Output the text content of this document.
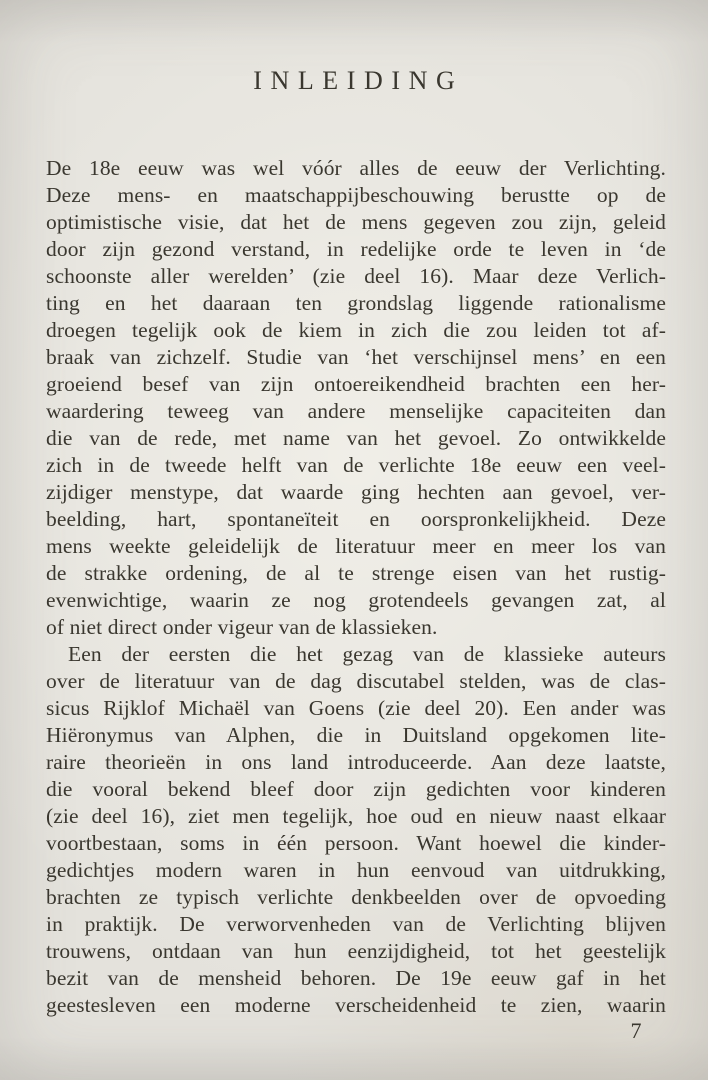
INLEIDING
De 18e eeuw was wel vóór alles de eeuw der Verlichting.
Deze mens- en maatschappijbeschouwing berustte op de
optimistische visie, dat het de mens gegeven zou zijn, geleid
door zijn gezond verstand, in redelijke orde te leven in ‘de
schoonste aller werelden’ (zie deel 16). Maar deze Verlich-
ting en het daaraan ten grondslag liggende rationalisme
droegen tegelijk ook de kiem in zich die zou leiden tot af-
braak van zichzelf. Studie van ‘het verschijnsel mens’ en een
groeiend besef van zijn ontoereikendheid brachten een her-
waardering teweeg van andere menselijke capaciteiten dan
die van de rede, met name van het gevoel. Zo ontwikkelde
zich in de tweede helft van de verlichte 18e eeuw een veel-
zijdiger menstype, dat waarde ging hechten aan gevoel, ver-
beelding, hart, spontaneïteit en oorspronkelijkheid. Deze
mens weekte geleidelijk de literatuur meer en meer los van
de strakke ordening, de al te strenge eisen van het rustig-
evenwichtige, waarin ze nog grotendeels gevangen zat, al
of niet direct onder vigeur van de klassieken.
Een der eersten die het gezag van de klassieke auteurs
over de literatuur van de dag discutabel stelden, was de clas-
sicus Rijklof Michaël van Goens (zie deel 20). Een ander was
Hiëronymus van Alphen, die in Duitsland opgekomen lite-
raire theorieën in ons land introduceerde. Aan deze laatste,
die vooral bekend bleef door zijn gedichten voor kinderen
(zie deel 16), ziet men tegelijk, hoe oud en nieuw naast elkaar
voortbestaan, soms in één persoon. Want hoewel die kinder-
gedichtjes modern waren in hun eenvoud van uitdrukking,
brachten ze typisch verlichte denkbeelden over de opvoeding
in praktijk. De verworvenheden van de Verlichting blijven
trouwens, ontdaan van hun eenzijdigheid, tot het geestelijk
bezit van de mensheid behoren. De 19e eeuw gaf in het
geestesleven een moderne verscheidenheid te zien, waarin
7
